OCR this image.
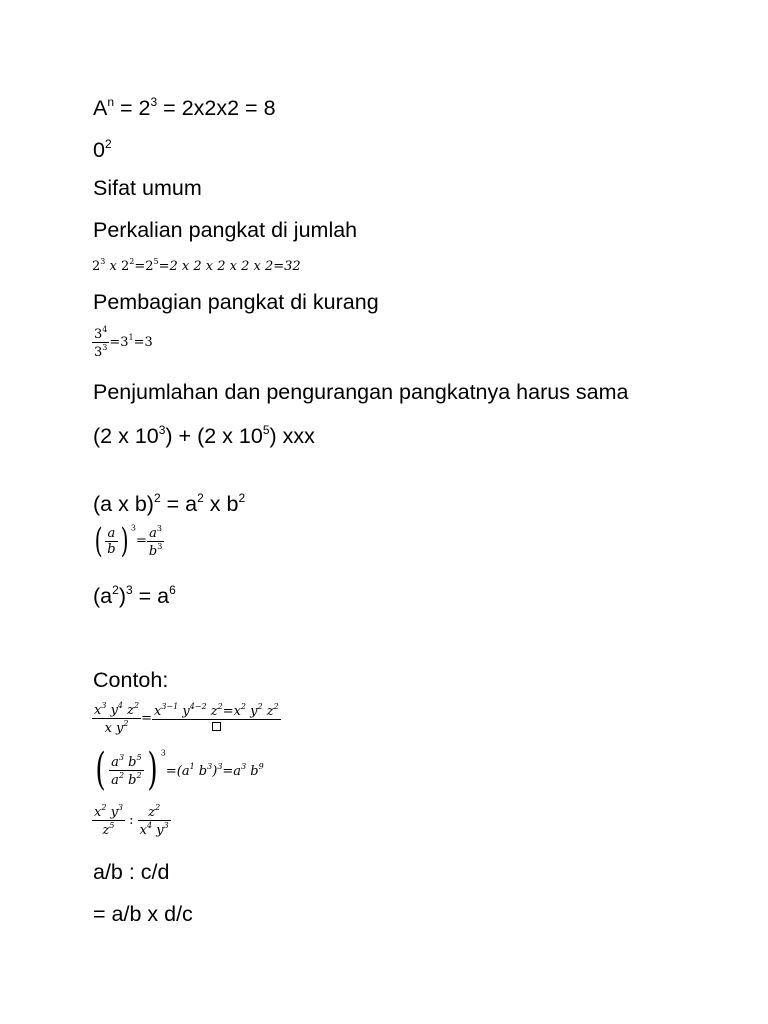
$A^n = 2^3 = 2x2x2 = 8$
$0^2$
Sifat umum
Perkalian pangkat di jumlah
$2^3$ x $2^2=2^5=2$ x 2 x 2 x 2 x 2=32
Pembagian pangkat di kurang
$\frac{3^4}{3^3} =3^1=3$
Penjumlahan dan pengurangan pangkatnya harus sama
(2 x $10^3) + (2$ x $10^5$) xxx
(a x $b)^2 = a^2$ x $b^2$
( $\frac{a}{b}$ ) $^3= \frac{a^3}{b^3}$
$(a^2)^3 = a^6$
Contoh:
$\frac{x^3 y^4 z^2}{x y^2} = x^{3-1}$ $y^{4-2}$ $z^2=x^2$ $y^2$ $z^2$
( $\frac{a^3 b^5}{a^2 b^2}$ ) $^3=(a^1$ $b^3)^3=a^3$ $b^9$
$\frac{x^2 y^3}{z^5}$ : $\frac{z^2}{x^4 y^3}$
a/b : c/d
= a/b x d/c
